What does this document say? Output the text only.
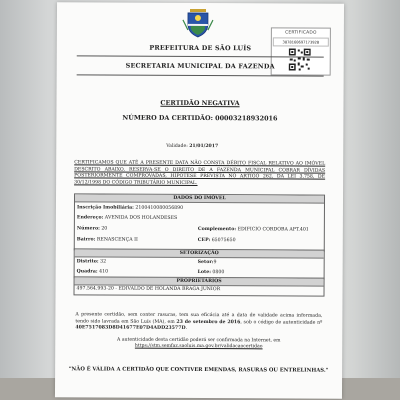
CERTIFICADO
387816069717392B
PREFEITURA DE SÃO LUÍS
SECRETARIA MUNICIPAL DA FAZENDA
CERTIDÃO NEGATIVA
NÚMERO DA CERTIDÃO: 00003218932016
Validade: 21/01/2017
CERTIFICAMOS QUE ATÉ A PRESENTE DATA NÃO CONSTA DÉBITO FISCAL RELATIVO AO IMÓVEL DESCRITO ABAIXO, RESERVA-SE O DIREITO DE A FAZENDA MUNICIPAL COBRAR DÍVIDAS POSTERIORMENTE COMPROVADAS, HIPÓTESE PREVISTA NO ARTIGO 262, DA LEI 3.758, DE 30/12/1998 DO CÓDIGO TRIBUTÁRIO MUNICIPAL.
DADOS DO IMÓVEL
Inscrição Imobiliária: 2100410080056890
Endereço: AVENIDA DOS HOLANDESES
Número: 20	Complemento: EDIFICIO CORDOBA APT.401
Bairro: RENASCENÇA II	CEP: 65075650
SETORIZAÇÃO
Distrito: 32	Setor:9
Quadra: 410	Lote: 0800
PROPRIETÁRIOS
497.564.993-20 - EDIVALDO DE HOLANDA BRAGA JUNIOR
A presente certidão, sem conter rasuras, tem sua eficácia até a data de validade acima informada, tendo sido lavrada em São Luís (MA), em 23 de setembro de 2016, sob o código de autenticidade nº 40E7517083D8D41677E07D4ADD23577D.
A autenticidade desta certidão poderá ser confirmada na Internet, em
https://stm.semfaz.saoluis.ma.gov.br/validacaocertidao
"NÃO É VÁLIDA A CERTIDÃO QUE CONTIVER EMENDAS, RASURAS OU ENTRELINHAS."
